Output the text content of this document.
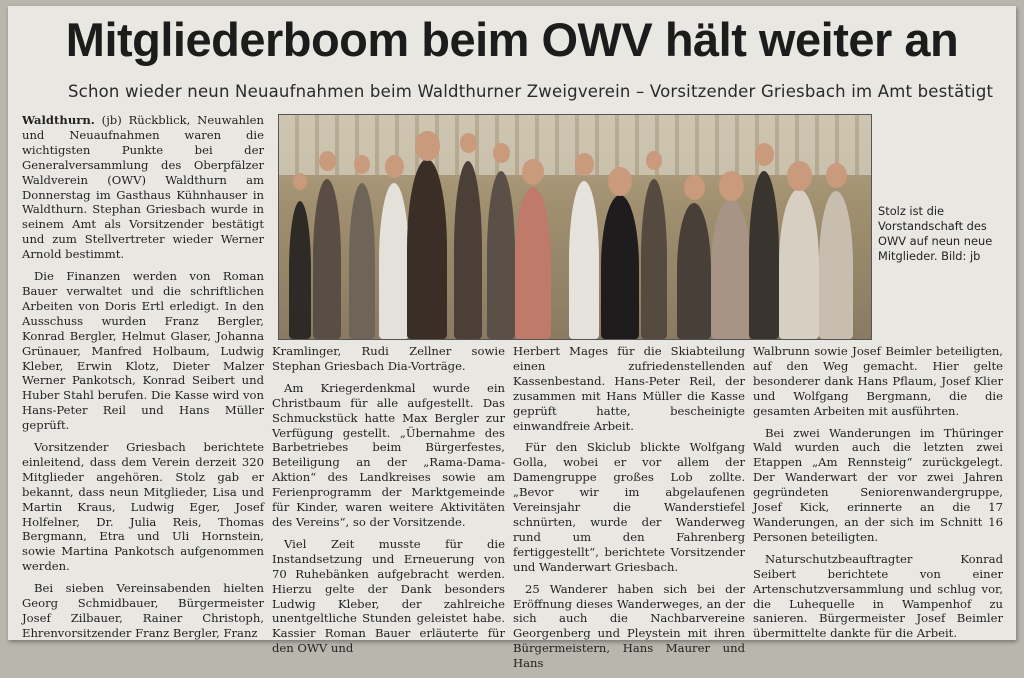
Mitgliederboom beim OWV hält weiter an
Schon wieder neun Neuaufnahmen beim Waldthurner Zweigverein – Vorsitzender Griesbach im Amt bestätigt

Waldthurn. (jb) Rückblick, Neuwahlen und Neuaufnahmen waren die wichtigsten Punkte bei der Generalversammlung des Oberpfälzer Waldverein (OWV) Waldthurn am Donnerstag im Gasthaus Kühnhauser in Waldthurn. Stephan Griesbach wurde in seinem Amt als Vorsitzender bestätigt und zum Stellvertreter wieder Werner Arnold bestimmt.

Die Finanzen werden von Roman Bauer verwaltet und die schriftlichen Arbeiten von Doris Ertl erledigt. In den Ausschuss wurden Franz Bergler, Konrad Bergler, Helmut Glaser, Johanna Grünauer, Manfred Holbaum, Ludwig Kleber, Erwin Klotz, Dieter Malzer Werner Pankotsch, Konrad Seibert und Huber Stahl berufen. Die Kasse wird von Hans-Peter Reil und Hans Müller geprüft.

Vorsitzender Griesbach berichtete einleitend, dass dem Verein derzeit 320 Mitglieder angehören. Stolz gab er bekannt, dass neun Mitglieder, Lisa und Martin Kraus, Ludwig Eger, Josef Holfelner, Dr. Julia Reis, Thomas Bergmann, Etra und Uli Hornstein, sowie Martina Pankotsch aufgenommen werden.

Bei sieben Vereinsabenden hielten Georg Schmidbauer, Bürgermeister Josef Zilbauer, Rainer Christoph, Ehrenvorsitzender Franz Bergler, Franz

Stolz ist die Vorstandschaft des OWV auf neun neue Mitglieder. Bild: jb

Kramlinger, Rudi Zellner sowie Stephan Griesbach Dia-Vorträge.

Am Kriegerdenkmal wurde ein Christbaum für alle aufgestellt. Das Schmuckstück hatte Max Bergler zur Verfügung gestellt. „Übernahme des Barbetriebes beim Bürgerfestes, Beteiligung an der „Rama-Dama-Aktion“ des Landkreises sowie am Ferienprogramm der Marktgemeinde für Kinder, waren weitere Aktivitäten des Vereins“, so der Vorsitzende.

Viel Zeit musste für die Instandsetzung und Erneuerung von 70 Ruhebänken aufgebracht werden. Hierzu gelte der Dank besonders Ludwig Kleber, der zahlreiche unentgeltliche Stunden geleistet habe. Kassier Roman Bauer erläuterte für den OWV und

Herbert Mages für die Skiabteilung einen zufriedenstellenden Kassenbestand. Hans-Peter Reil, der zusammen mit Hans Müller die Kasse geprüft hatte, bescheinigte einwandfreie Arbeit.

Für den Skiclub blickte Wolfgang Golla, wobei er vor allem der Damengruppe großes Lob zollte. „Bevor wir im abgelaufenen Vereinsjahr die Wanderstiefel schnürten, wurde der Wanderweg rund um den Fahrenberg fertiggestellt“, berichtete Vorsitzender und Wanderwart Griesbach.

25 Wanderer haben sich bei der Eröffnung dieses Wanderweges, an der sich auch die Nachbarvereine Georgenberg und Pleystein mit ihren Bürgermeistern, Hans Maurer und Hans

Walbrunn sowie Josef Beimler beteiligten, auf den Weg gemacht. Hier gelte besonderer dank Hans Pflaum, Josef Klier und Wolfgang Bergmann, die die gesamten Arbeiten mit ausführten.

Bei zwei Wanderungen im Thüringer Wald wurden auch die letzten zwei Etappen „Am Rennsteig“ zurückgelegt. Der Wanderwart der vor zwei Jahren gegründeten Seniorenwandergruppe, Josef Kick, erinnerte an die 17 Wanderungen, an der sich im Schnitt 16 Personen beteiligten.

Naturschutzbeauftragter Konrad Seibert berichtete von einer Artenschutzversammlung und schlug vor, die Luhequelle in Wampenhof zu sanieren. Bürgermeister Josef Beimler übermittelte dankte für die Arbeit.
